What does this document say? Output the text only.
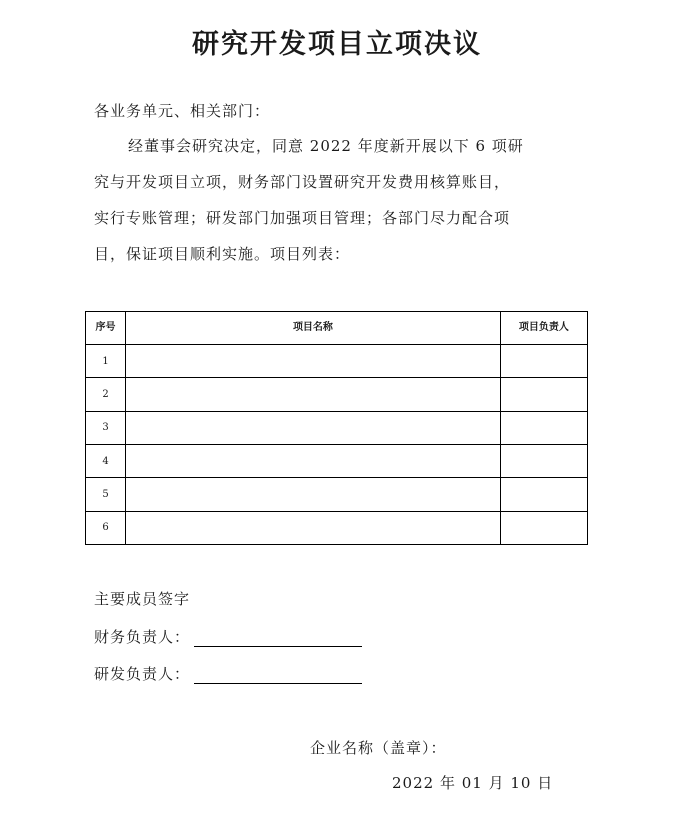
研究开发项目立项决议
各业务单元、相关部门：
经董事会研究决定，同意 2022 年度新开展以下 6 项研
究与开发项目立项，财务部门设置研究开发费用核算账目，
实行专账管理；研发部门加强项目管理；各部门尽力配合项
目，保证项目顺利实施。项目列表：
序号	项目名称	项目负责人
1		
2		
3		
4		
5		
6		
主要成员签字
财务负责人：
研发负责人：
企业名称（盖章）：
2022 年 01 月 10 日
